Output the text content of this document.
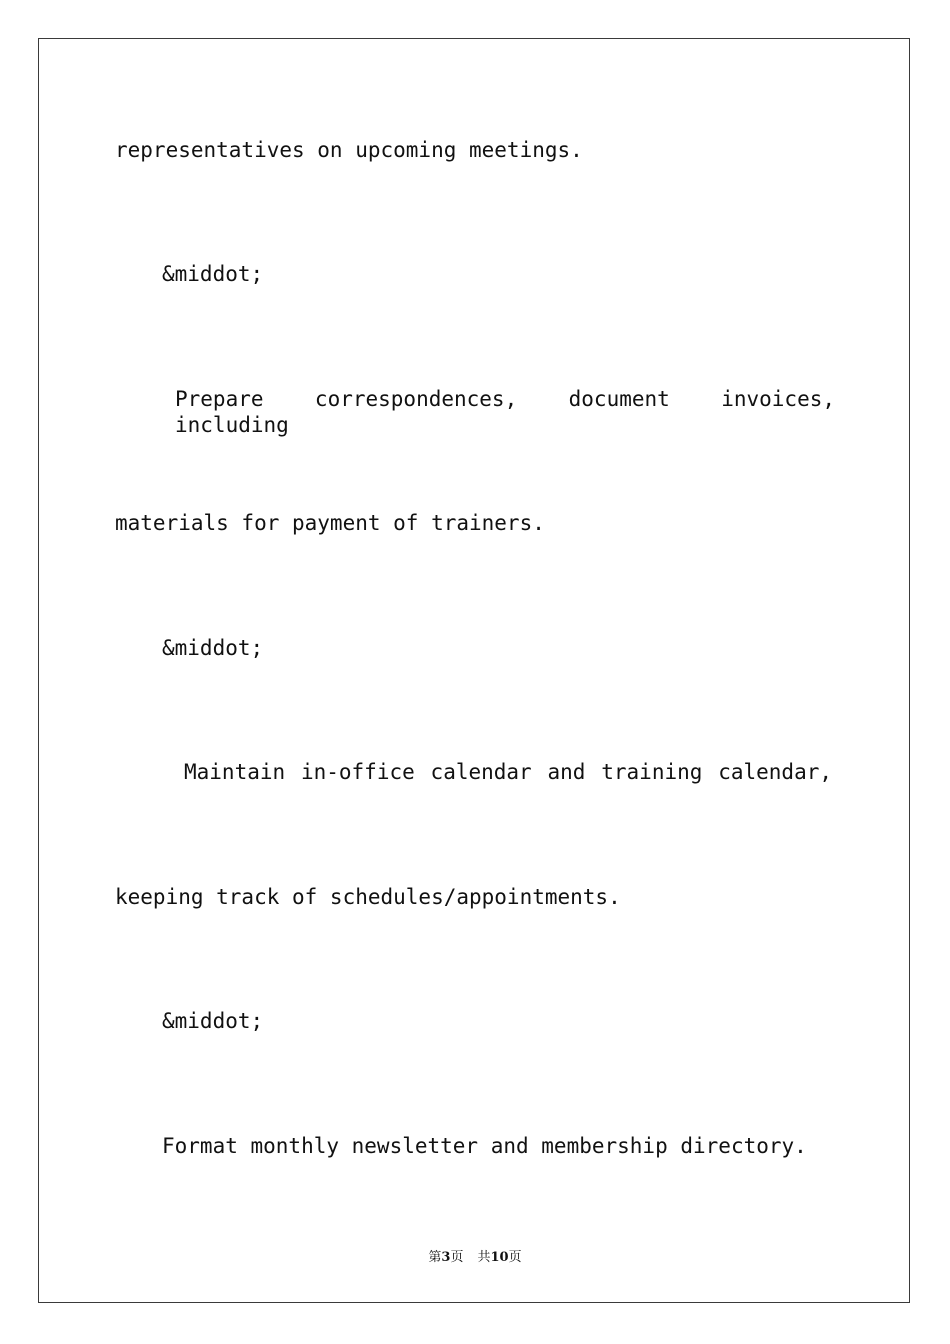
representatives on upcoming meetings.
&middot;
Prepare correspondences, document invoices, including
materials for payment of trainers.
&middot;
Maintain in-office calendar and training calendar,
keeping track of schedules/appointments.
&middot;
Format monthly newsletter and membership directory.
第3页 共10页
